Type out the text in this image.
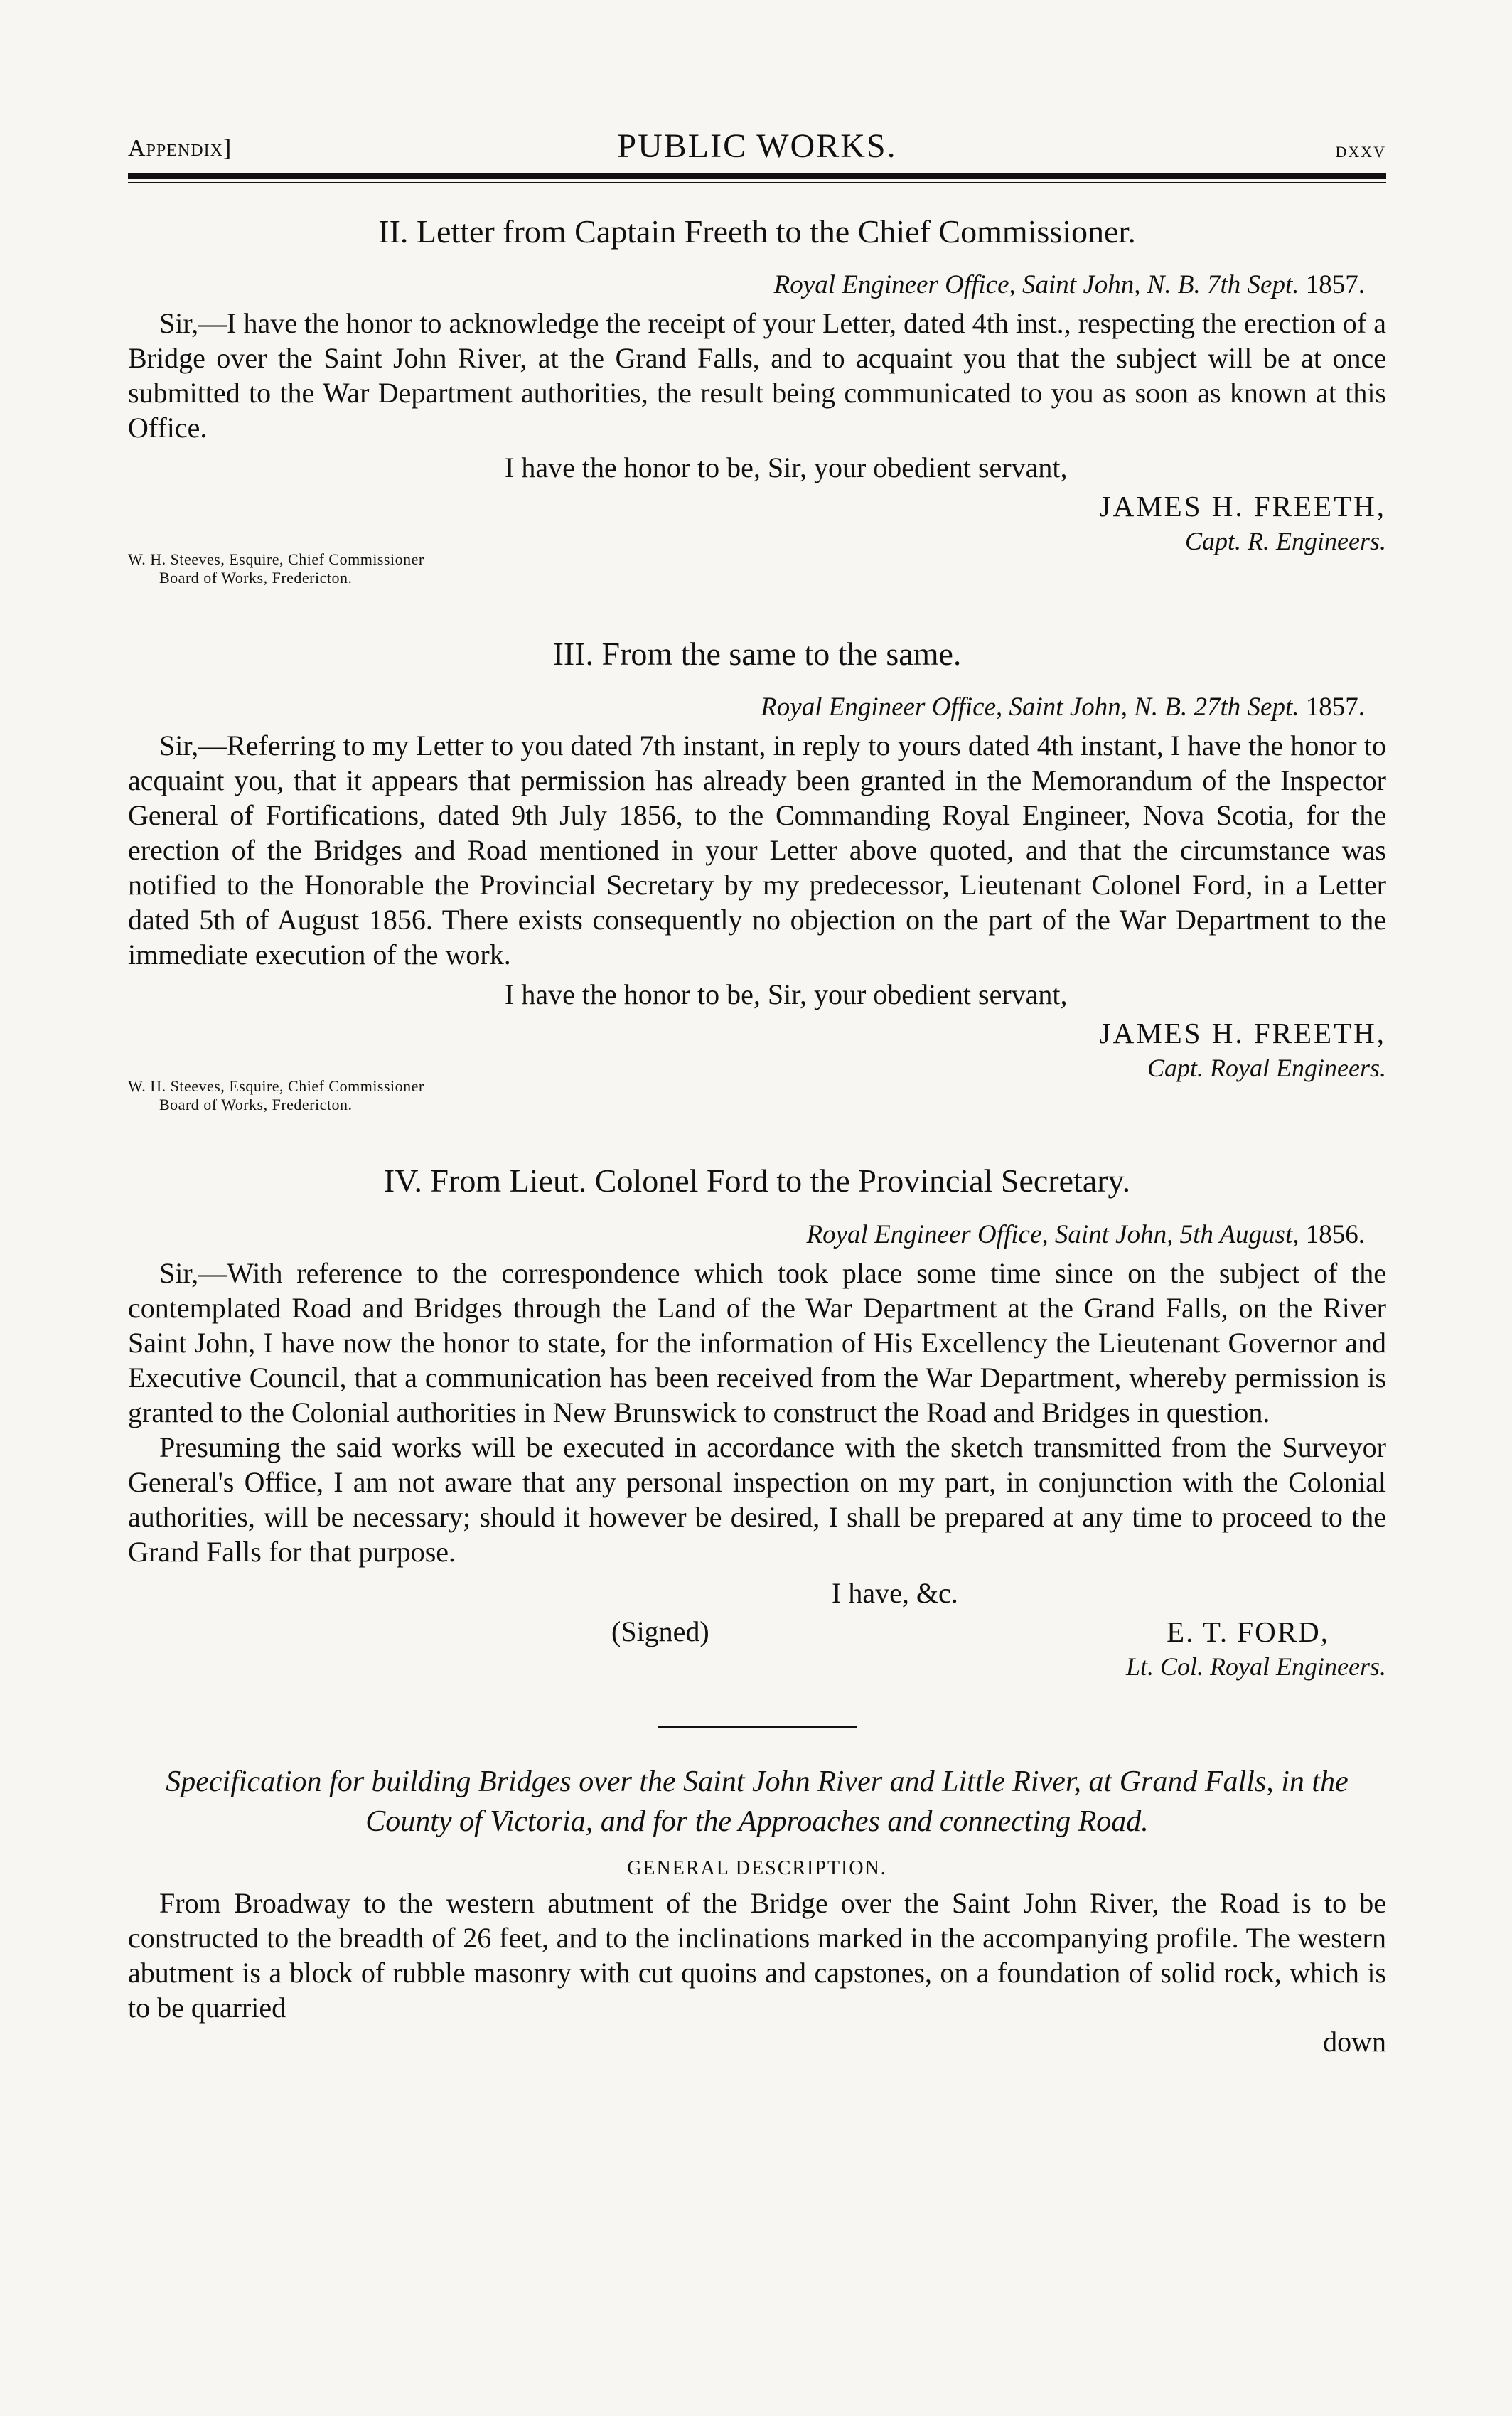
Appendix]	PUBLIC WORKS.	dxxv
II. Letter from Captain Freeth to the Chief Commissioner.
Royal Engineer Office, Saint John, N. B. 7th Sept. 1857.

Sir,—I have the honor to acknowledge the receipt of your Letter, dated 4th inst., respecting the erection of a Bridge over the Saint John River, at the Grand Falls, and to acquaint you that the subject will be at once submitted to the War Department authorities, the result being communicated to you as soon as known at this Office.

I have the honor to be, Sir, your obedient servant,
JAMES H. FREETH,
Capt. R. Engineers.
W. H. Steeves, Esquire, Chief Commissioner
Board of Works, Fredericton.
III. From the same to the same.
Royal Engineer Office, Saint John, N. B. 27th Sept. 1857.

Sir,—Referring to my Letter to you dated 7th instant, in reply to yours dated 4th instant, I have the honor to acquaint you, that it appears that permission has already been granted in the Memorandum of the Inspector General of Fortifications, dated 9th July 1856, to the Commanding Royal Engineer, Nova Scotia, for the erection of the Bridges and Road mentioned in your Letter above quoted, and that the circumstance was notified to the Honorable the Provincial Secretary by my predecessor, Lieutenant Colonel Ford, in a Letter dated 5th of August 1856. There exists consequently no objection on the part of the War Department to the immediate execution of the work.

I have the honor to be, Sir, your obedient servant,
JAMES H. FREETH,
Capt. Royal Engineers.
W. H. Steeves, Esquire, Chief Commissioner
Board of Works, Fredericton.
IV. From Lieut. Colonel Ford to the Provincial Secretary.
Royal Engineer Office, Saint John, 5th August, 1856.

Sir,—With reference to the correspondence which took place some time since on the subject of the contemplated Road and Bridges through the Land of the War Department at the Grand Falls, on the River Saint John, I have now the honor to state, for the information of His Excellency the Lieutenant Governor and Executive Council, that a communication has been received from the War Department, whereby permission is granted to the Colonial authorities in New Brunswick to construct the Road and Bridges in question.

Presuming the said works will be executed in accordance with the sketch transmitted from the Surveyor General's Office, I am not aware that any personal inspection on my part, in conjunction with the Colonial authorities, will be necessary; should it however be desired, I shall be prepared at any time to proceed to the Grand Falls for that purpose.

I have, &c.
(Signed)	E. T. FORD,
Lt. Col. Royal Engineers.
Specification for building Bridges over the Saint John River and Little River, at Grand Falls, in the County of Victoria, and for the Approaches and connecting Road.
GENERAL DESCRIPTION.

From Broadway to the western abutment of the Bridge over the Saint John River, the Road is to be constructed to the breadth of 26 feet, and to the inclinations marked in the accompanying profile. The western abutment is a block of rubble masonry with cut quoins and capstones, on a foundation of solid rock, which is to be quarried

down
